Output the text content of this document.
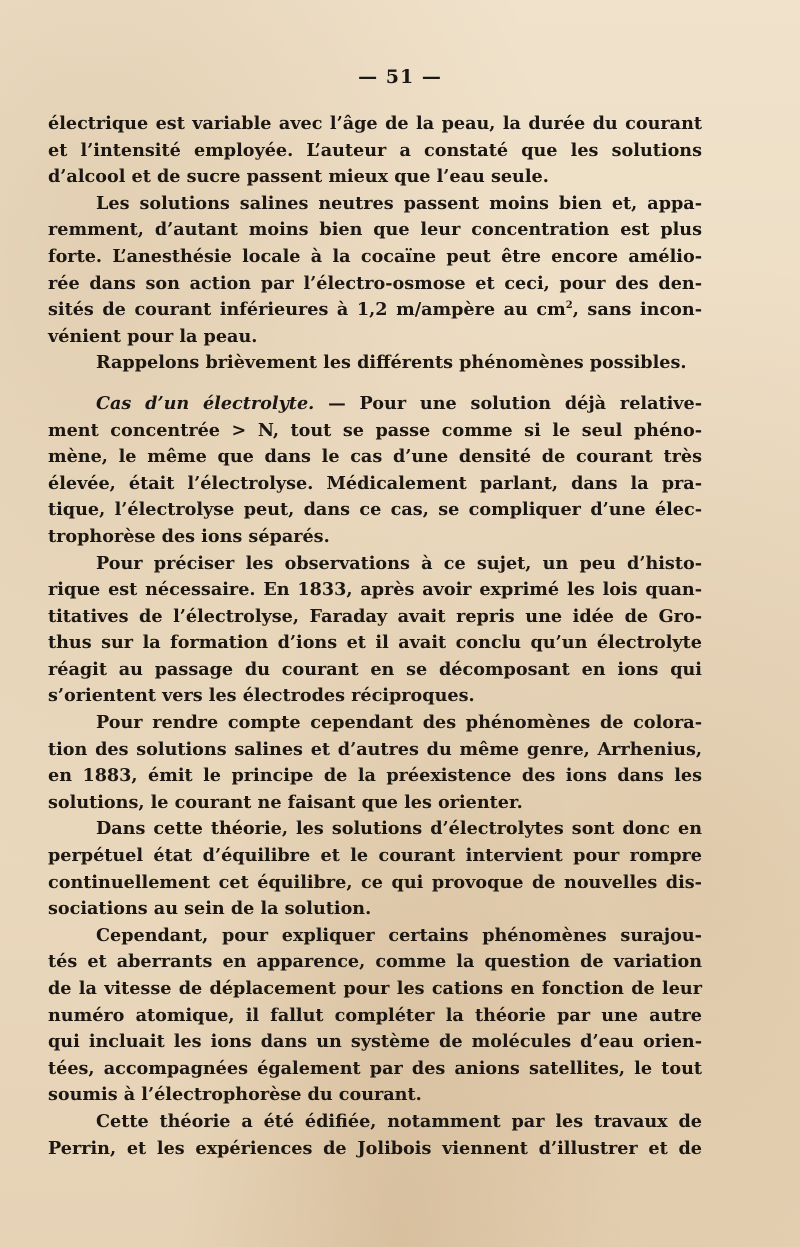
— 51 —
électrique est variable avec l’âge de la peau, la durée du courant
et l’intensité employée. L’auteur a constaté que les solutions
d’alcool et de sucre passent mieux que l’eau seule.
Les solutions salines neutres passent moins bien et, appa-
remment, d’autant moins bien que leur concentration est plus
forte. L’anesthésie locale à la cocaïne peut être encore amélio-
rée dans son action par l’électro-osmose et ceci, pour des den-
sités de courant inférieures à 1,2 m/ampère au $cm^2$, sans incon-
vénient pour la peau.
Rappelons brièvement les différents phénomènes possibles.
Cas d’un électrolyte. — Pour une solution déjà relative-
ment concentrée > N, tout se passe comme si le seul phéno-
mène, le même que dans le cas d’une densité de courant très
élevée, était l’électrolyse. Médicalement parlant, dans la pra-
tique, l’électrolyse peut, dans ce cas, se compliquer d’une élec-
trophorèse des ions séparés.
Pour préciser les observations à ce sujet, un peu d’histo-
rique est nécessaire. En 1833, après avoir exprimé les lois quan-
titatives de l’électrolyse, Faraday avait repris une idée de Gro-
thus sur la formation d’ions et il avait conclu qu’un électrolyte
réagit au passage du courant en se décomposant en ions qui
s’orientent vers les électrodes réciproques.
Pour rendre compte cependant des phénomènes de colora-
tion des solutions salines et d’autres du même genre, Arrhenius,
en 1883, émit le principe de la préexistence des ions dans les
solutions, le courant ne faisant que les orienter.
Dans cette théorie, les solutions d’électrolytes sont donc en
perpétuel état d’équilibre et le courant intervient pour rompre
continuellement cet équilibre, ce qui provoque de nouvelles dis-
sociations au sein de la solution.
Cependant, pour expliquer certains phénomènes surajou-
tés et aberrants en apparence, comme la question de variation
de la vitesse de déplacement pour les cations en fonction de leur
numéro atomique, il fallut compléter la théorie par une autre
qui incluait les ions dans un système de molécules d’eau orien-
tées, accompagnées également par des anions satellites, le tout
soumis à l’électrophorèse du courant.
Cette théorie a été édifiée, notamment par les travaux de
Perrin, et les expériences de Jolibois viennent d’illustrer et de
